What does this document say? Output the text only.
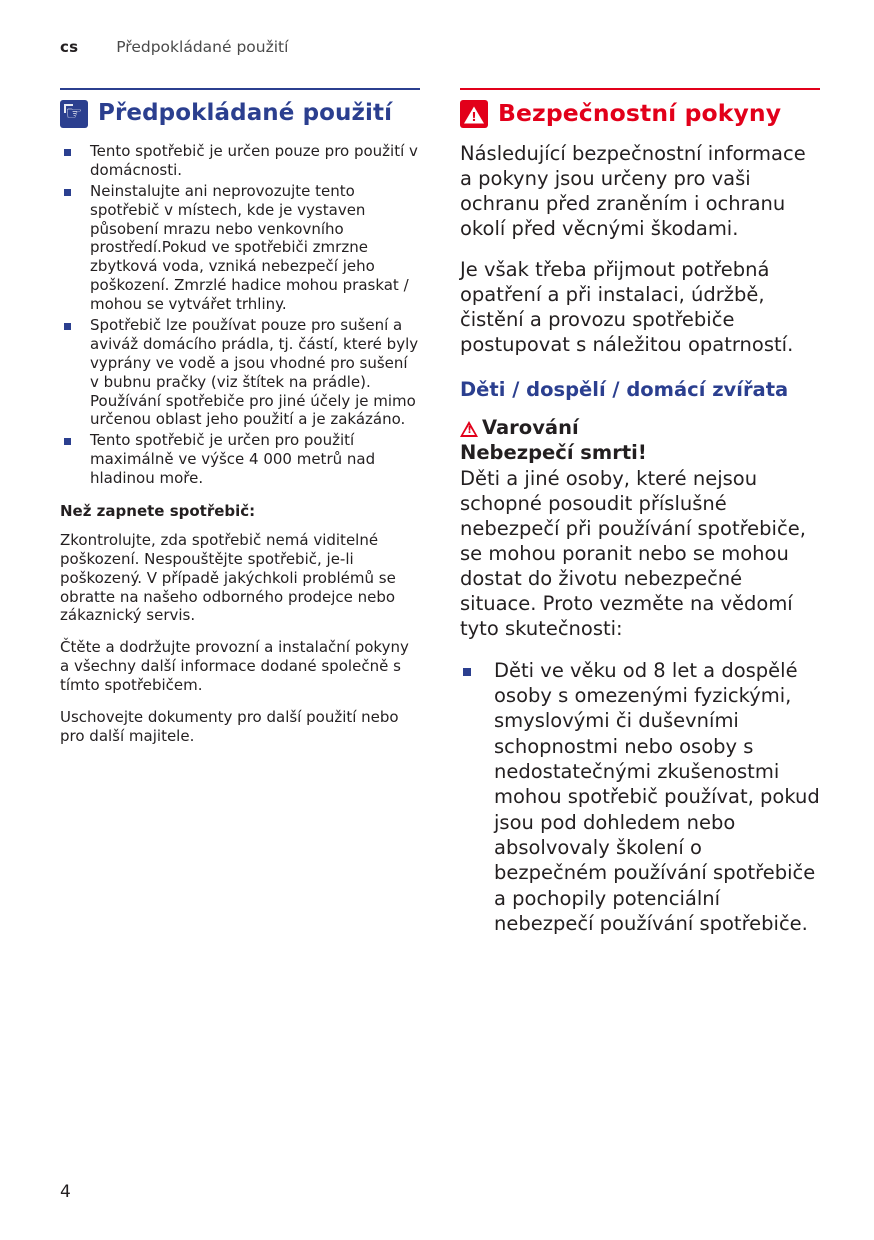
cs Předpokládané použití
☞
Předpokládané použití
Tento spotřebič je určen pouze pro použití v domácnosti.
Neinstalujte ani neprovozujte tento spotřebič v místech, kde je vystaven působení mrazu nebo venkovního prostředí.Pokud ve spotřebiči zmrzne zbytková voda, vzniká nebezpečí jeho poškození. Zmrzlé hadice mohou praskat / mohou se vytvářet trhliny.
Spotřebič lze používat pouze pro sušení a aviváž domácího prádla, tj. částí, které byly vyprány ve vodě a jsou vhodné pro sušení v bubnu pračky (viz štítek na prádle). Používání spotřebiče pro jiné účely je mimo určenou oblast jeho použití a je zakázáno.
Tento spotřebič je určen pro použití maximálně ve výšce 4 000 metrů nad hladinou moře.
Než zapnete spotřebič:

Zkontrolujte, zda spotřebič nemá viditelné poškození. Nespouštějte spotřebič, je-li poškozený. V případě jakýchkoli problémů se obratte na našeho odborného prodejce nebo zákaznický servis.

Čtěte a dodržujte provozní a instalační pokyny a všechny další informace dodané společně s tímto spotřebičem.

Uschovejte dokumenty pro další použití nebo pro další majitele.

! Bezpečnostní pokyny

Následující bezpečnostní informace a pokyny jsou určeny pro vaši ochranu před zraněním i ochranu okolí před věcnými škodami.

Je však třeba přijmout potřebná opatření a při instalaci, údržbě, čistění a provozu spotřebiče postupovat s náležitou opatrností.

Děti / dospělí / domácí zvířata
! Varování
Nebezpečí smrti!

Děti a jiné osoby, které nejsou schopné posoudit příslušné nebezpečí při používání spotřebiče, se mohou poranit nebo se mohou dostat do životu nebezpečné situace. Proto vezměte na vědomí tyto skutečnosti:

Děti ve věku od 8 let a dospělé osoby s omezenými fyzickými, smyslovými či duševními schopnostmi nebo osoby s nedostatečnými zkušenostmi mohou spotřebič používat, pokud jsou pod dohledem nebo absolvovaly školení o bezpečném používání spotřebiče a pochopily potenciální nebezpečí používání spotřebiče.
4
